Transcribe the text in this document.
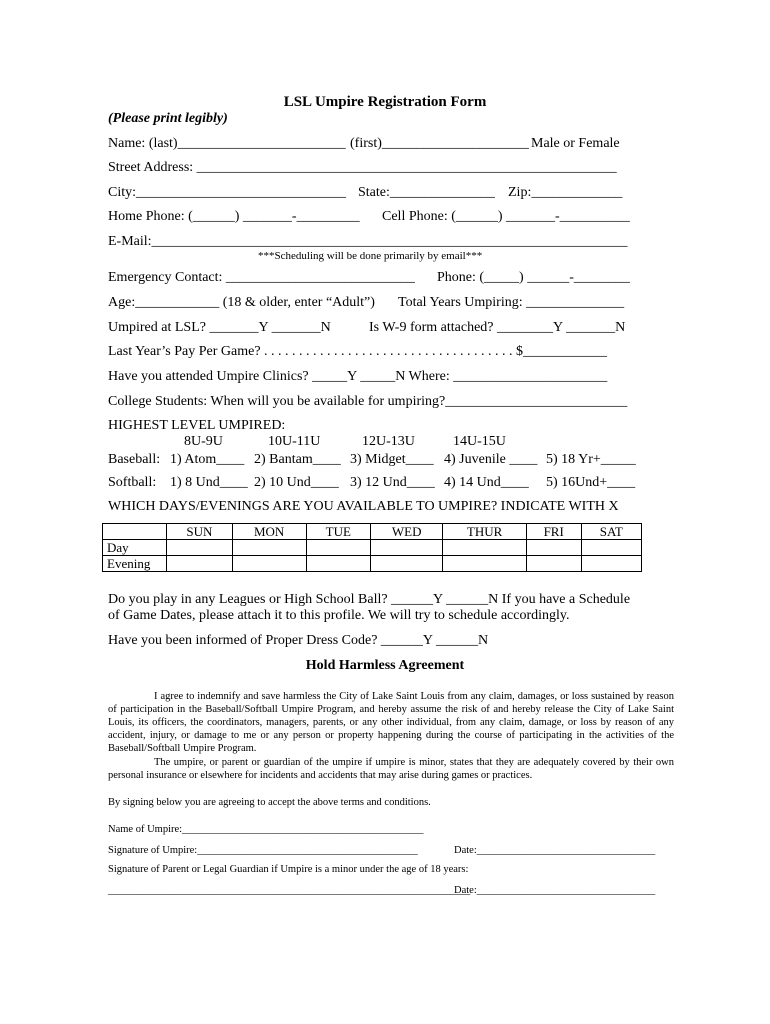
LSL Umpire Registration Form
(Please print legibly)
Name: (last)________________________ (first)_____________________ Male or Female
Street Address: ____________________________________________________________
City:______________________________ State:_______________ Zip:_____________
Home Phone: (______) _______-_________ Cell Phone: (______) _______-__________
E-Mail:____________________________________________________________________
***Scheduling will be done primarily by email***
Emergency Contact: ___________________________ Phone: (_____) ______-________
Age:____________ (18 & older, enter “Adult”) Total Years Umpiring: ______________
Umpired at LSL? _______Y _______N	Is W-9 form attached? ________Y _______N
Last Year’s Pay Per Game? . . . . . . . . . . . . . . . . . . . . . . . . . . . . . . . . . . . . $____________
Have you attended Umpire Clinics? _____Y _____N Where: ______________________
College Students: When will you be available for umpiring?__________________________
HIGHEST LEVEL UMPIRED:
8U-9U	10U-11U	12U-13U	14U-15U
Baseball: 1) Atom____ 2) Bantam____ 3) Midget____ 4) Juvenile ____ 5) 18 Yr+_____
Softball: 1) 8 Und____ 2) 10 Und____ 3) 12 Und____ 4) 14 Und____ 5) 16Und+____
WHICH DAYS/EVENINGS ARE YOU AVAILABLE TO UMPIRE? INDICATE WITH X
	SUN	MON	TUE	WED	THUR	FRI	SAT
Day							
Evening							
Do you play in any Leagues or High School Ball? ______Y ______N If you have a Schedule
of Game Dates, please attach it to this profile. We will try to schedule accordingly.
Have you been informed of Proper Dress Code? ______Y ______N
Hold Harmless Agreement
I agree to indemnify and save harmless the City of Lake Saint Louis from any claim, damages, or loss sustained by reason of participation in the Baseball/Softball Umpire Program, and hereby assume the risk of and hereby release the City of Lake Saint Louis, its officers, the coordinators, managers, parents, or any other individual, from any claim, damage, or loss by reason of any accident, injury, or damage to me or any person or property happening during the course of participating in the activities of the Baseball/Softball Umpire Program.
The umpire, or parent or guardian of the umpire if umpire is minor, states that they are adequately covered by their own personal insurance or elsewhere for incidents and accidents that may arise during games or practices.
By signing below you are agreeing to accept the above terms and conditions.
Name of Umpire:______________________________________________
Signature of Umpire:__________________________________________	Date:__________________________________
Signature of Parent or Legal Guardian if Umpire is a minor under the age of 18 years:
_____________________________________________________________________
Date:__________________________________
